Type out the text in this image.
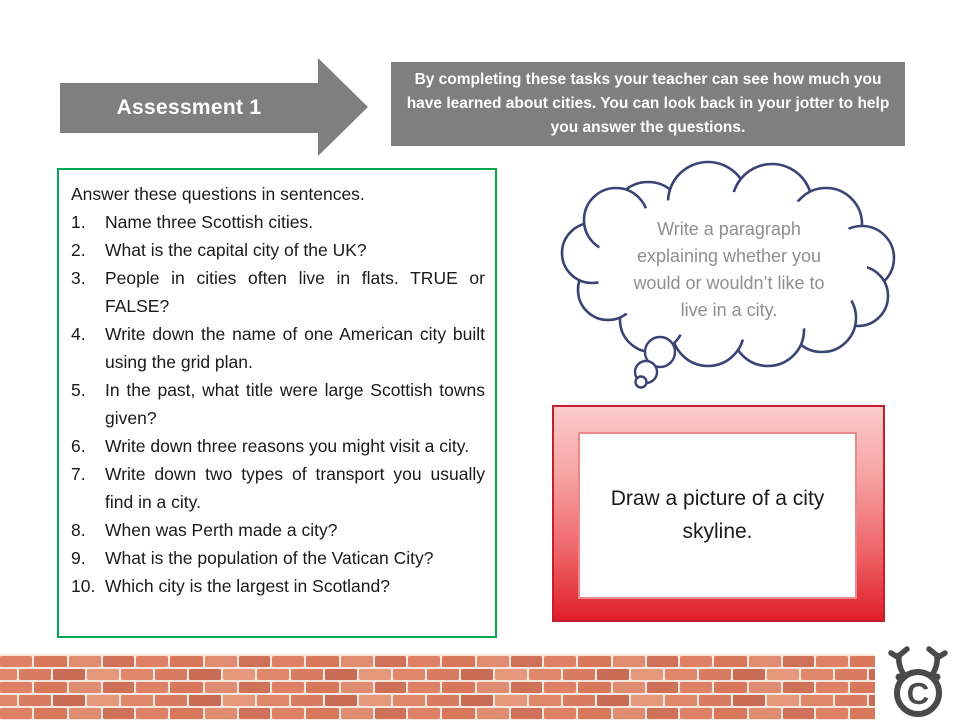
Assessment 1
By completing these tasks your teacher can see how much you have learned about cities. You can look back in your jotter to help you answer the questions.

Answer these questions in sentences.

1.	Name three Scottish cities.
2.	What is the capital city of the UK?
3.	People in cities often live in flats. TRUE or FALSE?
4.	Write down the name of one American city built using the grid plan.
5.	In the past, what title were large Scottish towns given?
6.	Write down three reasons you might visit a city.
7.	Write down two types of transport you usually find in a city.
8.	When was Perth made a city?
9.	What is the population of the Vatican City?
10. Which city is the largest in Scotland?
Write a paragraph explaining whether you would or wouldn’t like to live in a city.
Draw a picture of a city skyline.
C
